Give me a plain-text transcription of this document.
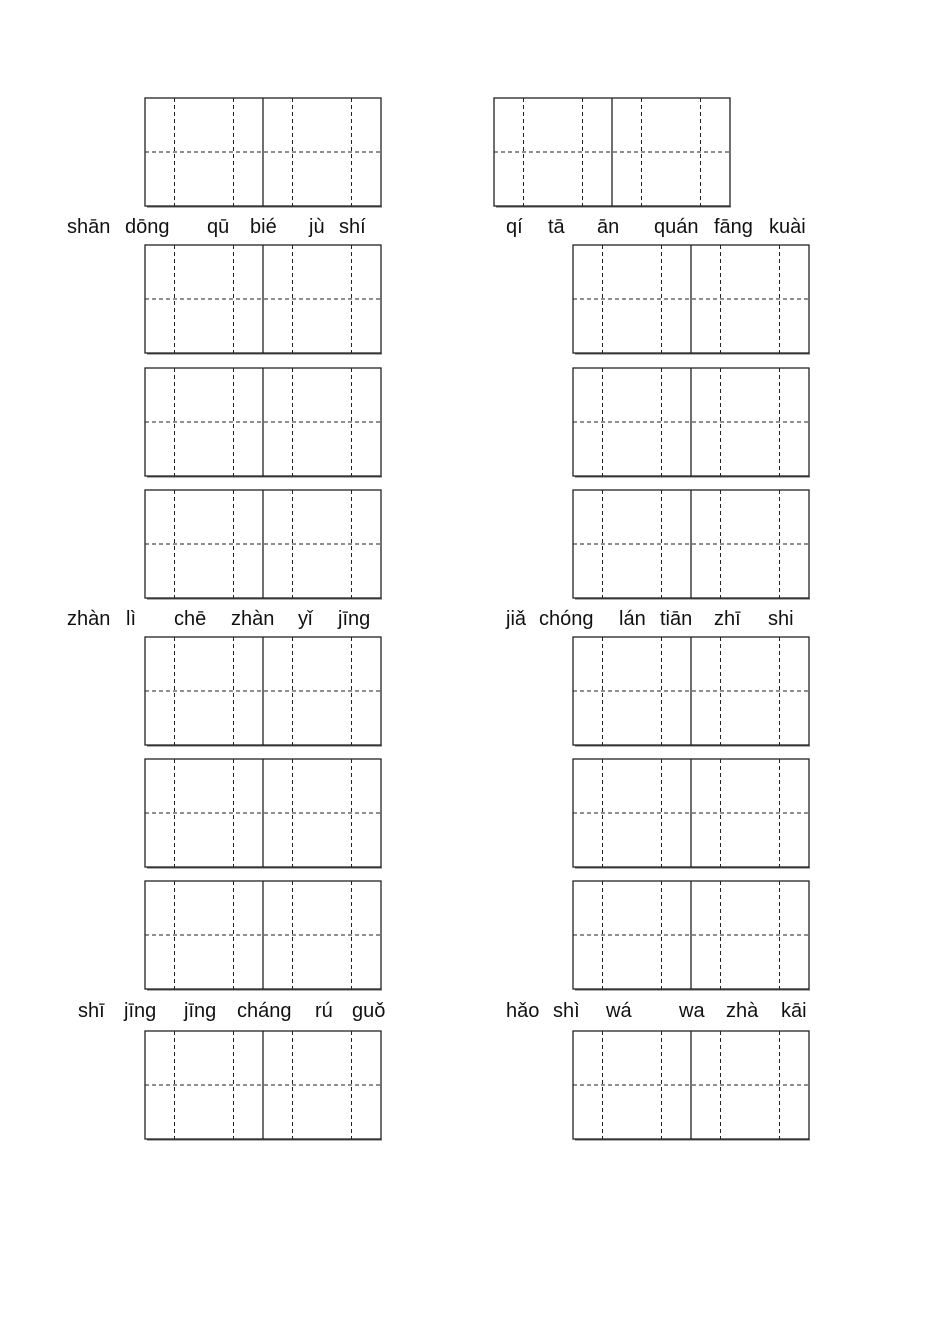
shān dōng qū bié jù shí	qí tā ān quán fāng kuài
zhàn lì chē zhàn yǐ jīng	jiǎ chóng lán tiān zhī shi
shī jīng jīng cháng rú guǒ	hǎo shì wá wa zhà kāi
